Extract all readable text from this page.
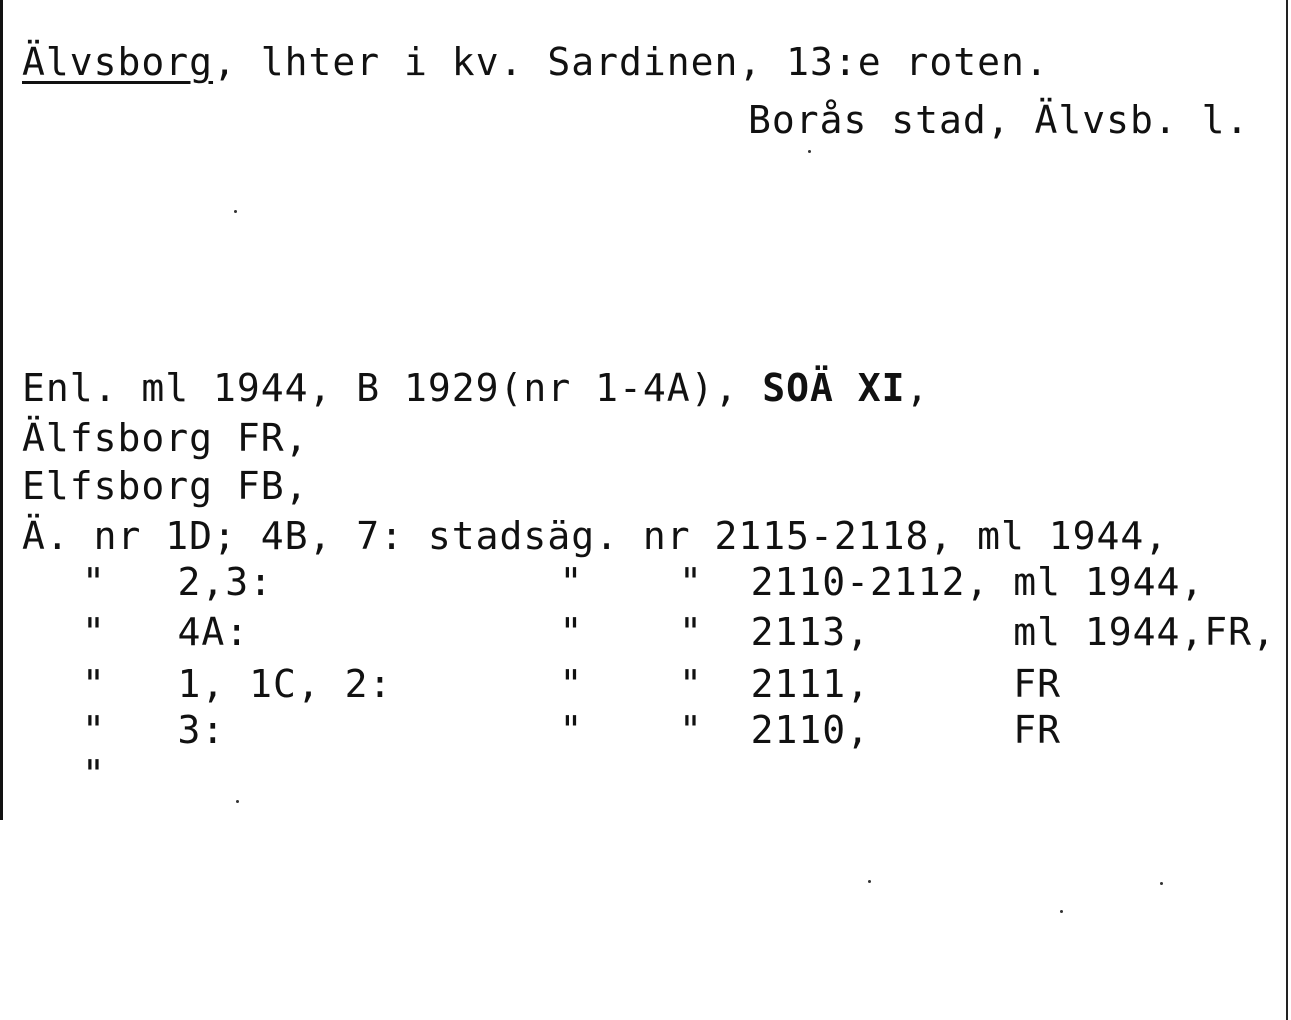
Älvsborg, lhter i kv. Sardinen, 13:e roten.
Borås stad, Älvsb. l.
Enl. ml 1944, B 1929(nr 1-4A), SOÄ XI,
Älfsborg FR,
Elfsborg FB,
Ä. nr 1D; 4B, 7: stadsäg. nr 2115-2118, ml 1944,
"   2,3:            "    "  2110-2112, ml 1944,
"   4A:             "    "  2113,      ml 1944,FR,
"   1, 1C, 2:       "    "  2111,      FR
"   3:              "    "  2110,      FR
"
